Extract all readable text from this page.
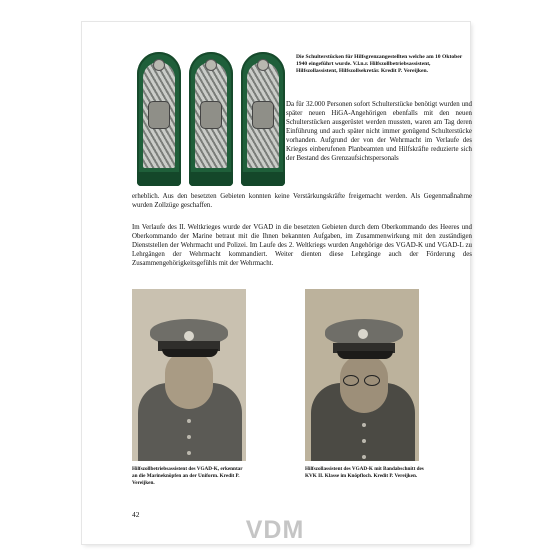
Die Schulterstücken für Hilfsgrenzangestellten welche am 10 Oktober 1940 eingeführt wurde. V.l.n.r. Hilfszollbetriebsassistent, Hilfszollassistent, Hilfszollsekretär. Kredit P. Vereijken.
Da für 32.000 Personen sofort Schulterstücke benötigt wurden und später neuen HiGA-Angehörigen ebenfalls mit den neuen Schulterstücken ausgerüstet werden mussten, waren am Tag deren Einführung und auch später nicht immer genügend Schulterstücke vorhanden. Aufgrund der von der Wehrmacht im Verlaufe des Krieges einberufenen Planbeamten und Hilfskräfte reduzierte sich der Bestand des Grenzaufsichtspersonals
erheblich. Aus den besetzten Gebieten konnten keine Verstärkungskräfte freigemacht werden. Als Gegenmaßnahme wurden Zollzüge geschaffen.
Im Verlaufe des II. Weltkrieges wurde der VGAD in die besetzten Gebieten durch dem Oberkommando des Heeres und Oberkommando der Marine betraut mit die Ihnen bekannten Aufgaben, im Zusammenwirkung mit den zuständigen Dienststellen der Wehrmacht und Polizei. Im Laufe des 2. Weltkriegs wurden Angehörige des VGAD-K und VGAD-L zu Lehrgängen der Wehrmacht kommandiert. Weiter dienten diese Lehrgänge auch der Förderung des Zusammengehörigkeitsgefühls mit der Wehrmacht.
Hilfszollbetriebsassistent des VGAD-K, erkenntar an die Marineknöpfen an der Uniform. Kredit P. Vereijken.
Hilfszollassistent des VGAD-K mit Bandabschnitt des KVK II. Klasse im Knöpfloch. Kredit P. Vereijken.
42
VDM
